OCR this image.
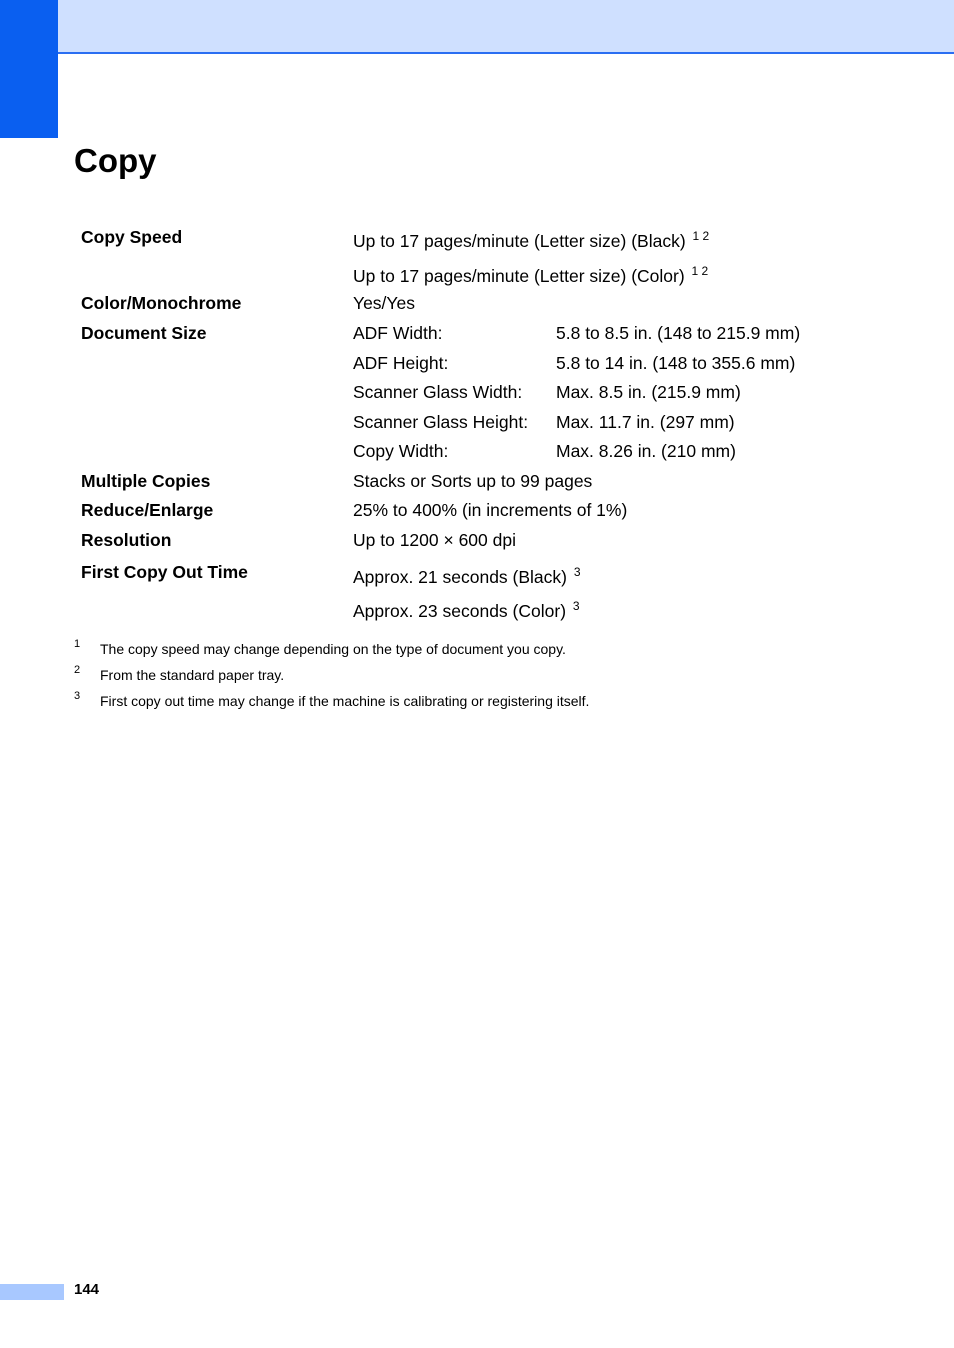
Copy
Copy Speed	Up to 17 pages/minute (Letter size) (Black) $^{1 2}$
Up to 17 pages/minute (Letter size) (Color) $^{1 2}$
Color/Monochrome	Yes/Yes
Document Size	ADF Width:	5.8 to 8.5 in. (148 to 215.9 mm)
ADF Height:	5.8 to 14 in. (148 to 355.6 mm)
Scanner Glass Width: Max. 8.5 in. (215.9 mm)
Scanner Glass Height: Max. 11.7 in. (297 mm)
Copy Width:	Max. 8.26 in. (210 mm)
Multiple Copies	Stacks or Sorts up to 99 pages
Reduce/Enlarge	25% to 400% (in increments of 1%)
Resolution	Up to 1200 × 600 dpi
First Copy Out Time	Approx. 21 seconds (Black) $^3$
Approx. 23 seconds (Color) $^3$
1 The copy speed may change depending on the type of document you copy.
2 From the standard paper tray.
3 First copy out time may change if the machine is calibrating or registering itself.
144
